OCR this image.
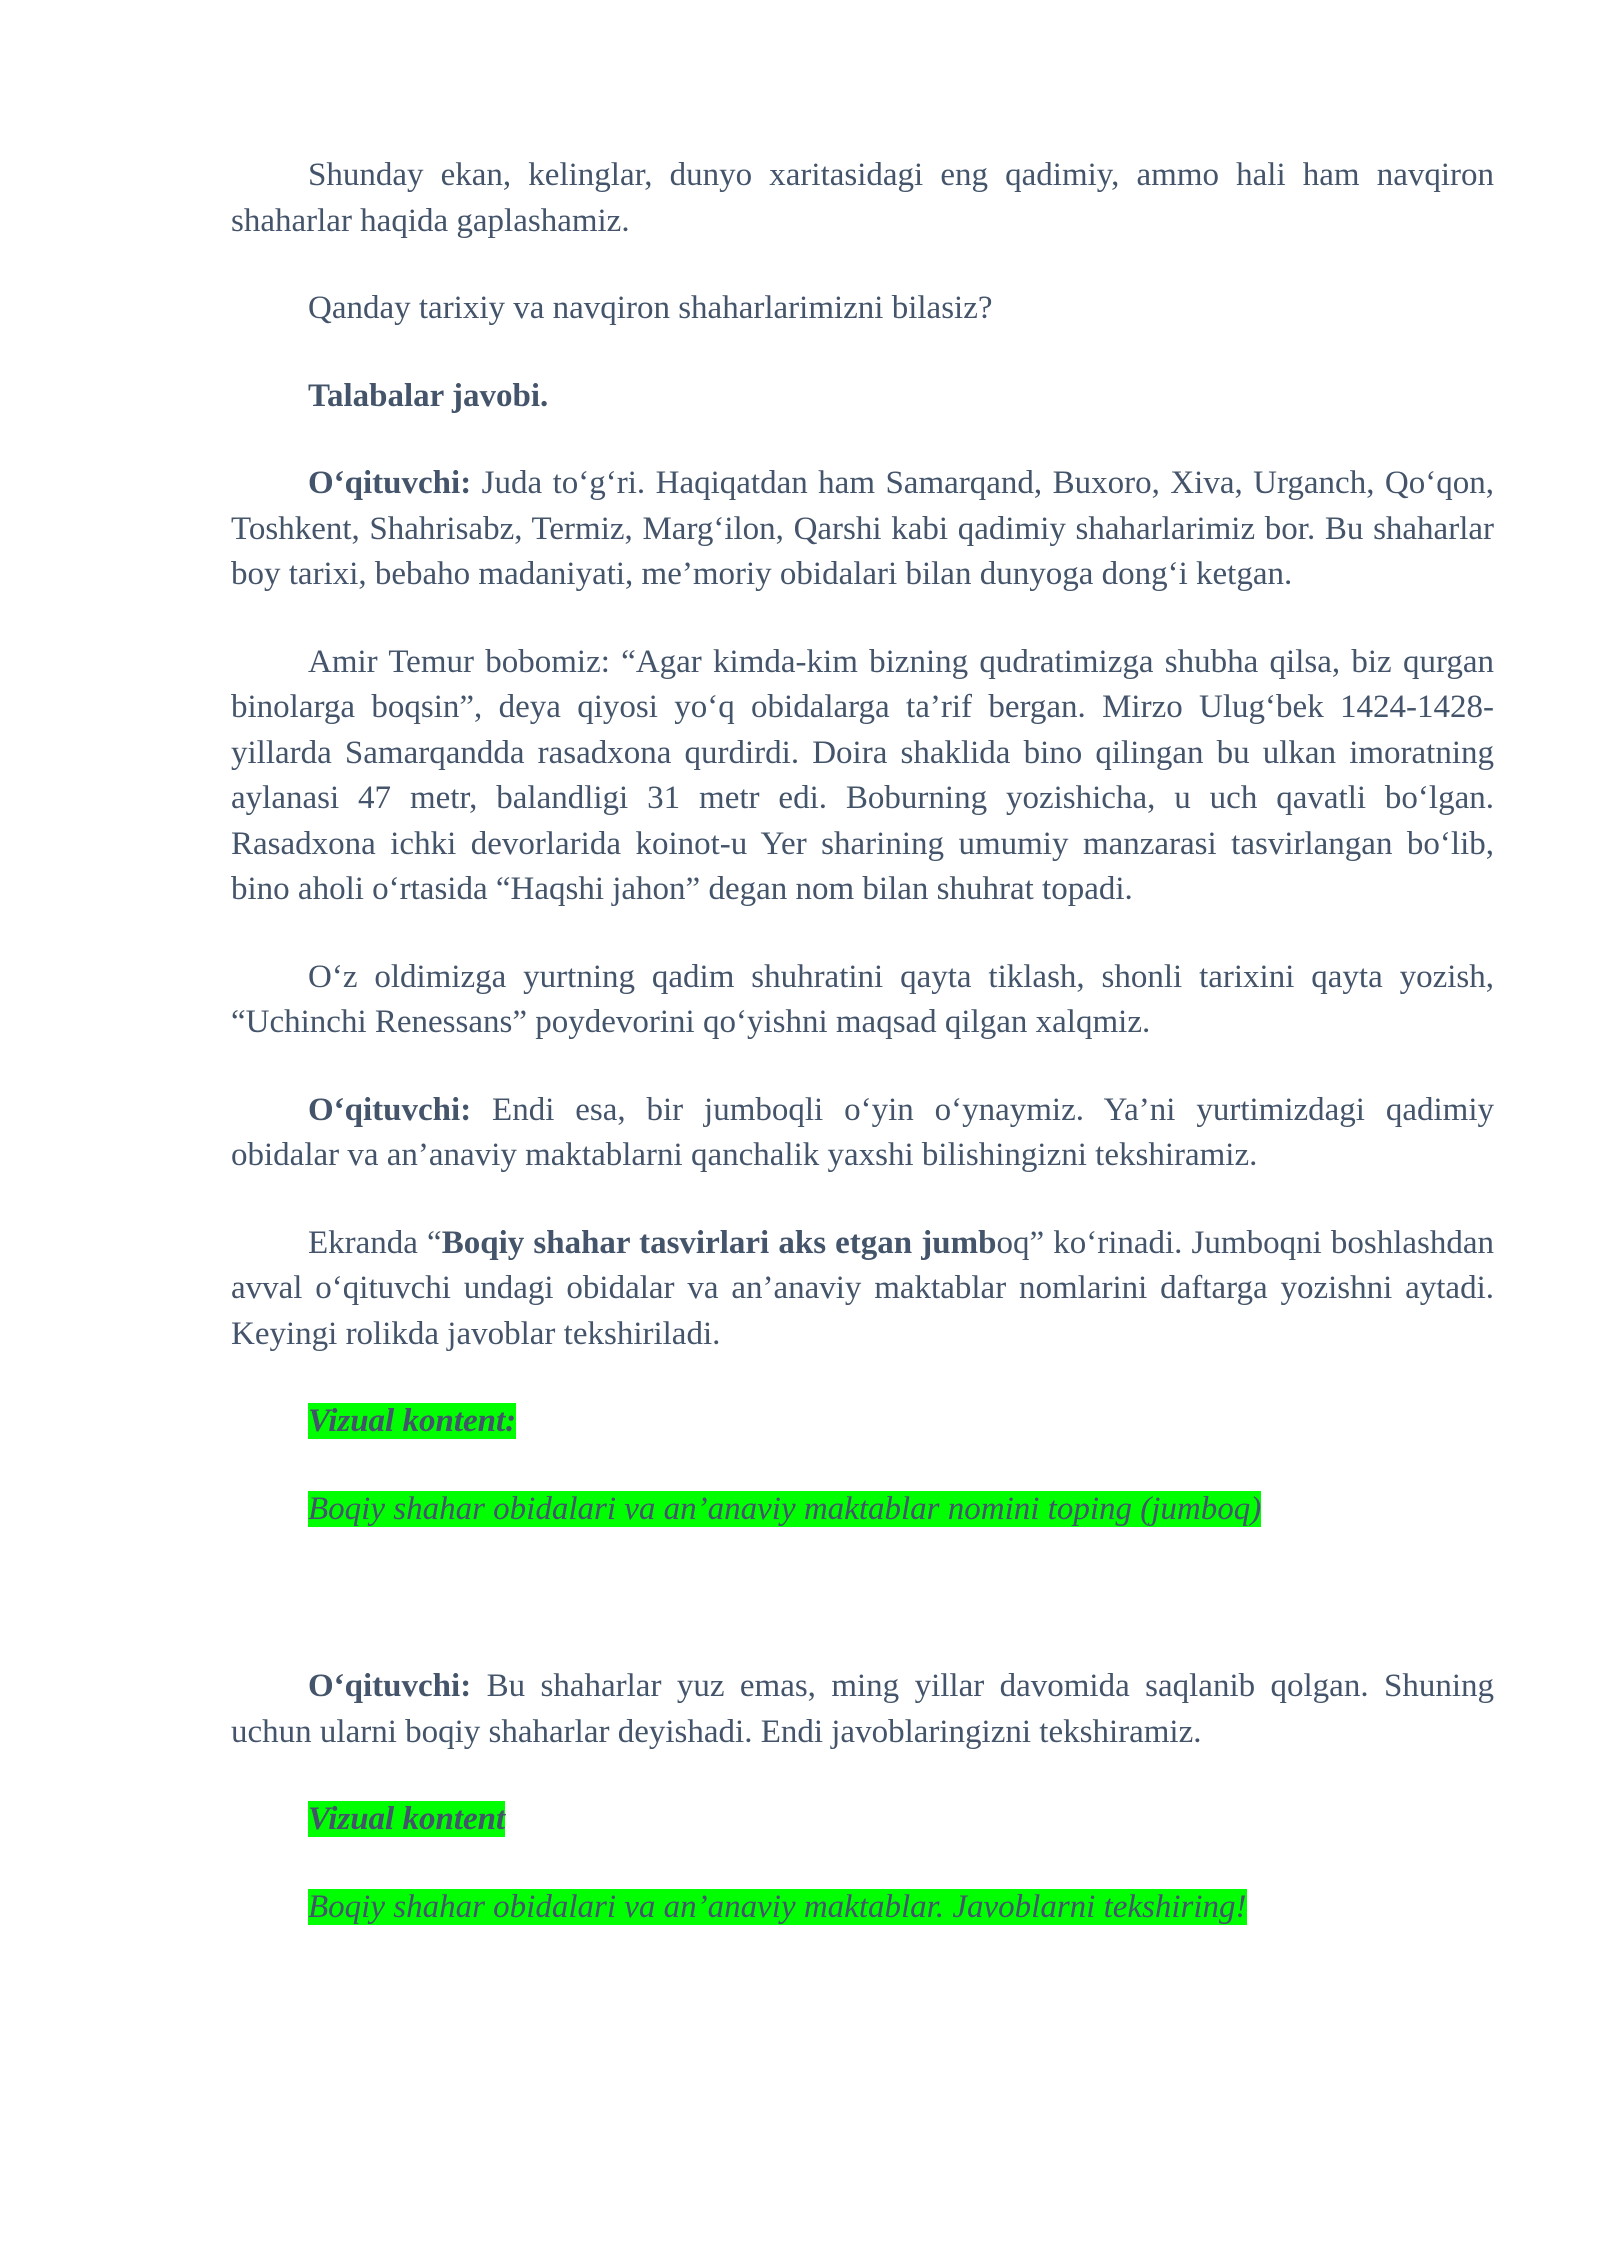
Shunday ekan, kelinglar, dunyo xaritasidagi eng qadimiy, ammo hali ham navqiron shaharlar haqida gaplashamiz.

Qanday tarixiy va navqiron shaharlarimizni bilasiz?

Talabalar javobi.

O‘qituvchi: Juda to‘g‘ri. Haqiqatdan ham Samarqand, Buxoro, Xiva, Urganch, Qo‘qon, Toshkent, Shahrisabz, Termiz, Marg‘ilon, Qarshi kabi qadimiy shaharlarimiz bor. Bu shaharlar boy tarixi, bebaho madaniyati, me’moriy obidalari bilan dunyoga dong‘i ketgan.

Amir Temur bobomiz: “Agar kimda-kim bizning qudratimizga shubha qilsa, biz qurgan binolarga boqsin”, deya qiyosi yo‘q obidalarga ta’rif bergan. Mirzo Ulug‘bek 1424-1428-yillarda Samarqandda rasadxona qurdirdi. Doira shaklida bino qilingan bu ulkan imoratning aylanasi 47 metr, balandligi 31 metr edi. Boburning yozishicha, u uch qavatli bo‘lgan. Rasadxona ichki devorlarida koinot-u Yer sharining umumiy manzarasi tasvirlangan bo‘lib, bino aholi o‘rtasida “Haqshi jahon” degan nom bilan shuhrat topadi.

O‘z oldimizga yurtning qadim shuhratini qayta tiklash, shonli tarixini qayta yozish, “Uchinchi Renessans” poydevorini qo‘yishni maqsad qilgan xalqmiz.

O‘qituvchi: Endi esa, bir jumboqli o‘yin o‘ynaymiz. Ya’ni yurtimizdagi qadimiy obidalar va an’anaviy maktablarni qanchalik yaxshi bilishingizni tekshiramiz.

Ekranda “Boqiy shahar tasvirlari aks etgan jumboq” ko‘rinadi. Jumboqni boshlashdan avval o‘qituvchi undagi obidalar va an’anaviy maktablar nomlarini daftarga yozishni aytadi. Keyingi rolikda javoblar tekshiriladi.

Vizual kontent:

Boqiy shahar obidalari va an’anaviy maktablar nomini toping (jumboq)

O‘qituvchi: Bu shaharlar yuz emas, ming yillar davomida saqlanib qolgan. Shuning uchun ularni boqiy shaharlar deyishadi. Endi javoblaringizni tekshiramiz.

Vizual kontent

Boqiy shahar obidalari va an’anaviy maktablar. Javoblarni tekshiring!
